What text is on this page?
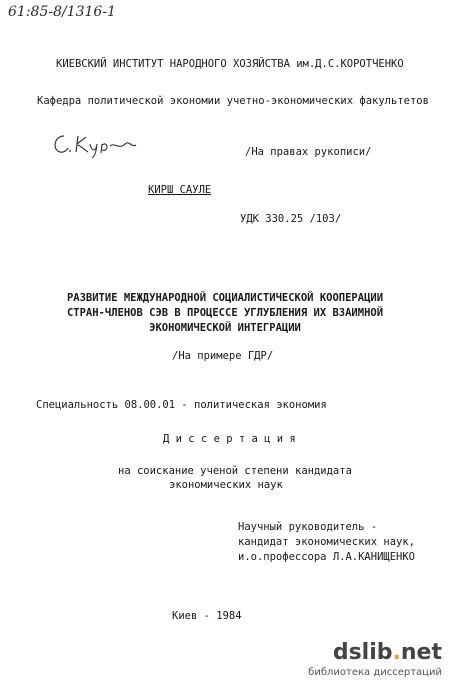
61:85-8/1316-1
КИЕВСКИЙ ИНСТИТУТ НАРОДНОГО ХОЗЯЙСТВА им.Д.С.КОРОТЧЕНКО
Кафедра политической экономии учетно-экономических факультетов
/На правах рукописи/
КИРШ САУЛЕ
УДК 330.25 /103/
РАЗВИТИЕ МЕЖДУНАРОДНОЙ СОЦИАЛИСТИЧЕСКОЙ КООПЕРАЦИИ
СТРАН-ЧЛЕНОВ СЭВ В ПРОЦЕССЕ УГЛУБЛЕНИЯ ИХ ВЗАИМНОЙ
ЭКОНОМИЧЕСКОЙ ИНТЕГРАЦИИ
/На примере ГДР/
Специальность 08.00.01 - политическая экономия
Д и с с е р т а ц и я
на соискание ученой степени кандидата
экономических наук
Научный руководитель -
кандидат экономических наук,
и.о.профессора Л.А.КАНИЩЕНКО
Киев - 1984
dslib.net
библиотека диссертаций
